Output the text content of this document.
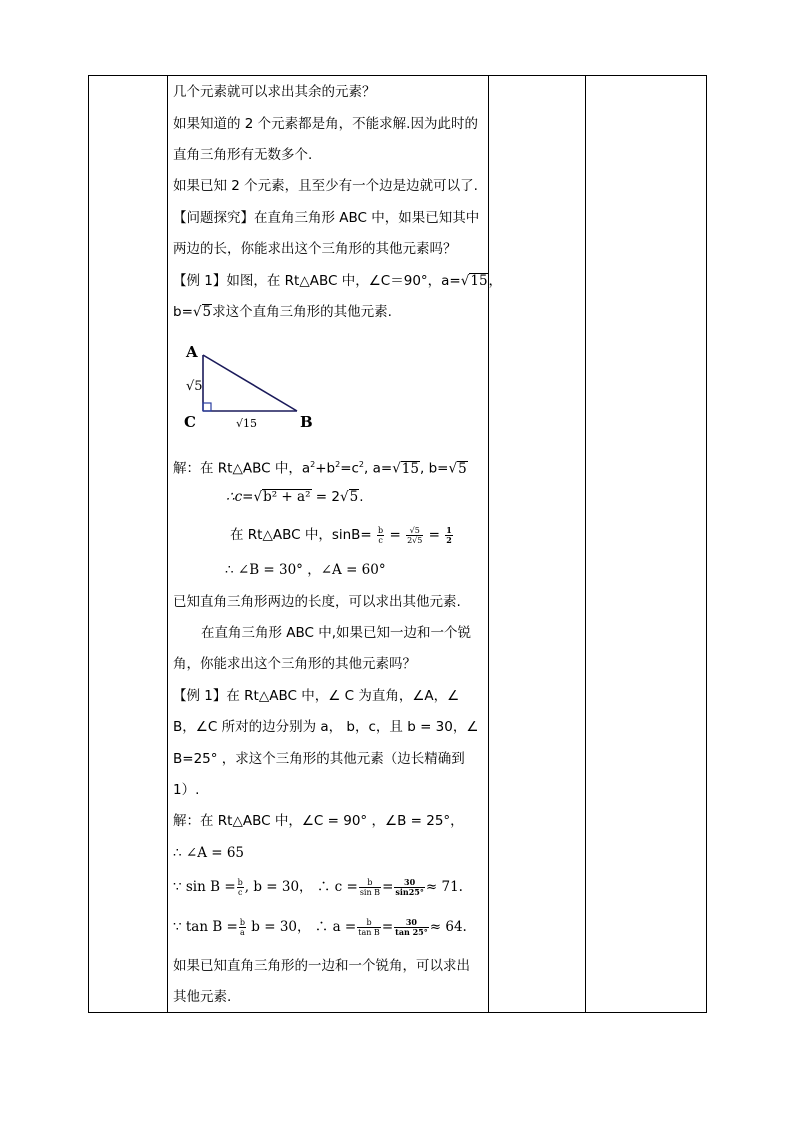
几个元素就可以求出其余的元素？
如果知道的 2 个元素都是角，不能求解.因为此时的
直角三角形有无数多个.
如果已知 2 个元素，且至少有一个边是边就可以了.
【问题探究】在直角三角形 ABC 中，如果已知其中
两边的长，你能求出这个三角形的其他元素吗？
【例 1】如图，在 Rt△ABC 中，∠C＝90°，a=√15，
b=√5求这个直角三角形的其他元素.
A
C	B
√5
√15
解：在 Rt△ABC 中，$a^2+b^2=c^2$, a=√15, b=√5
∴c=√b² + a² = 2√5.
在 Rt△ABC 中，$\sin B= \frac{b}{c} = \frac{√5}{2√5} = \frac{1}{2}$
∴ ∠B = 30° ，∠A = 60°
已知直角三角形两边的长度，可以求出其他元素.
在直角三角形 ABC 中,如果已知一边和一个锐
角，你能求出这个三角形的其他元素吗？
【例 1】在 Rt△ABC 中，∠ C 为直角，∠A，∠
B，∠C 所对的边分别为 a， b，c，且 b = 30，∠
B=25° ，求这个三角形的其他元素（边长精确到
1）.
解：在 Rt△ABC 中，∠C = 90° ，∠B = 25°，
∴ ∠A = 65
∵ $\sin B = \frac{b}{c}$ , b = 30， ∴ $c = \frac{b}{\text{sin B}} = \frac{30}{\sin 25^\circ} \approx 71$.
∵ $\tan B = \frac{b}{a}$ b = 30， ∴ $a = \frac{b}{\text{tan B}} = \frac{30}{\tan 25^\circ} \approx 64$.
如果已知直角三角形的一边和一个锐角，可以求出
其他元素.
